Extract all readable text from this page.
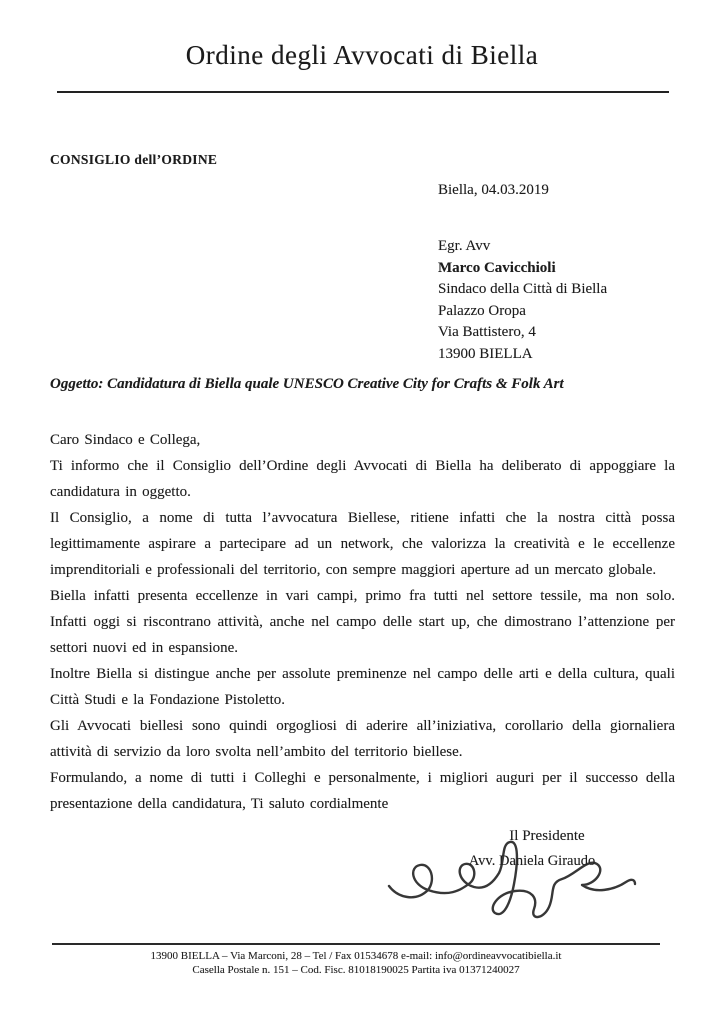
Ordine degli Avvocati di Biella
CONSIGLIO dell’ORDINE
Biella, 04.03.2019
Egr. Avv
Marco Cavicchioli
Sindaco della Città di Biella
Palazzo Oropa
Via Battistero, 4
13900 BIELLA
Oggetto: Candidatura di Biella quale UNESCO Creative City for Crafts & Folk Art

Caro Sindaco e Collega,

Ti informo che il Consiglio dell’Ordine degli Avvocati di Biella ha deliberato di appoggiare la candidatura in oggetto.

Il Consiglio, a nome di tutta l’avvocatura Biellese, ritiene infatti che la nostra città possa legittimamente aspirare a partecipare ad un network, che valorizza la creatività e le eccellenze imprenditoriali e professionali del territorio, con sempre maggiori aperture ad un mercato globale.

Biella infatti presenta eccellenze in vari campi, primo fra tutti nel settore tessile, ma non solo. Infatti oggi si riscontrano attività, anche nel campo delle start up, che dimostrano l’attenzione per settori nuovi ed in espansione.

Inoltre Biella si distingue anche per assolute preminenze nel campo delle arti e della cultura, quali Città Studi e la Fondazione Pistoletto.

Gli Avvocati biellesi sono quindi orgogliosi di aderire all’iniziativa, corollario della giornaliera attività di servizio da loro svolta nell’ambito del territorio biellese.

Formulando, a nome di tutti i Colleghi e personalmente, i migliori auguri per il successo della presentazione della candidatura, Ti saluto cordialmente

Il Presidente
Avv. Daniela Giraudo
13900 BIELLA – Via Marconi, 28 – Tel / Fax 01534678 e-mail: info@ordineavvocatibiella.it
Casella Postale n. 151 – Cod. Fisc. 81018190025 Partita iva 01371240027
